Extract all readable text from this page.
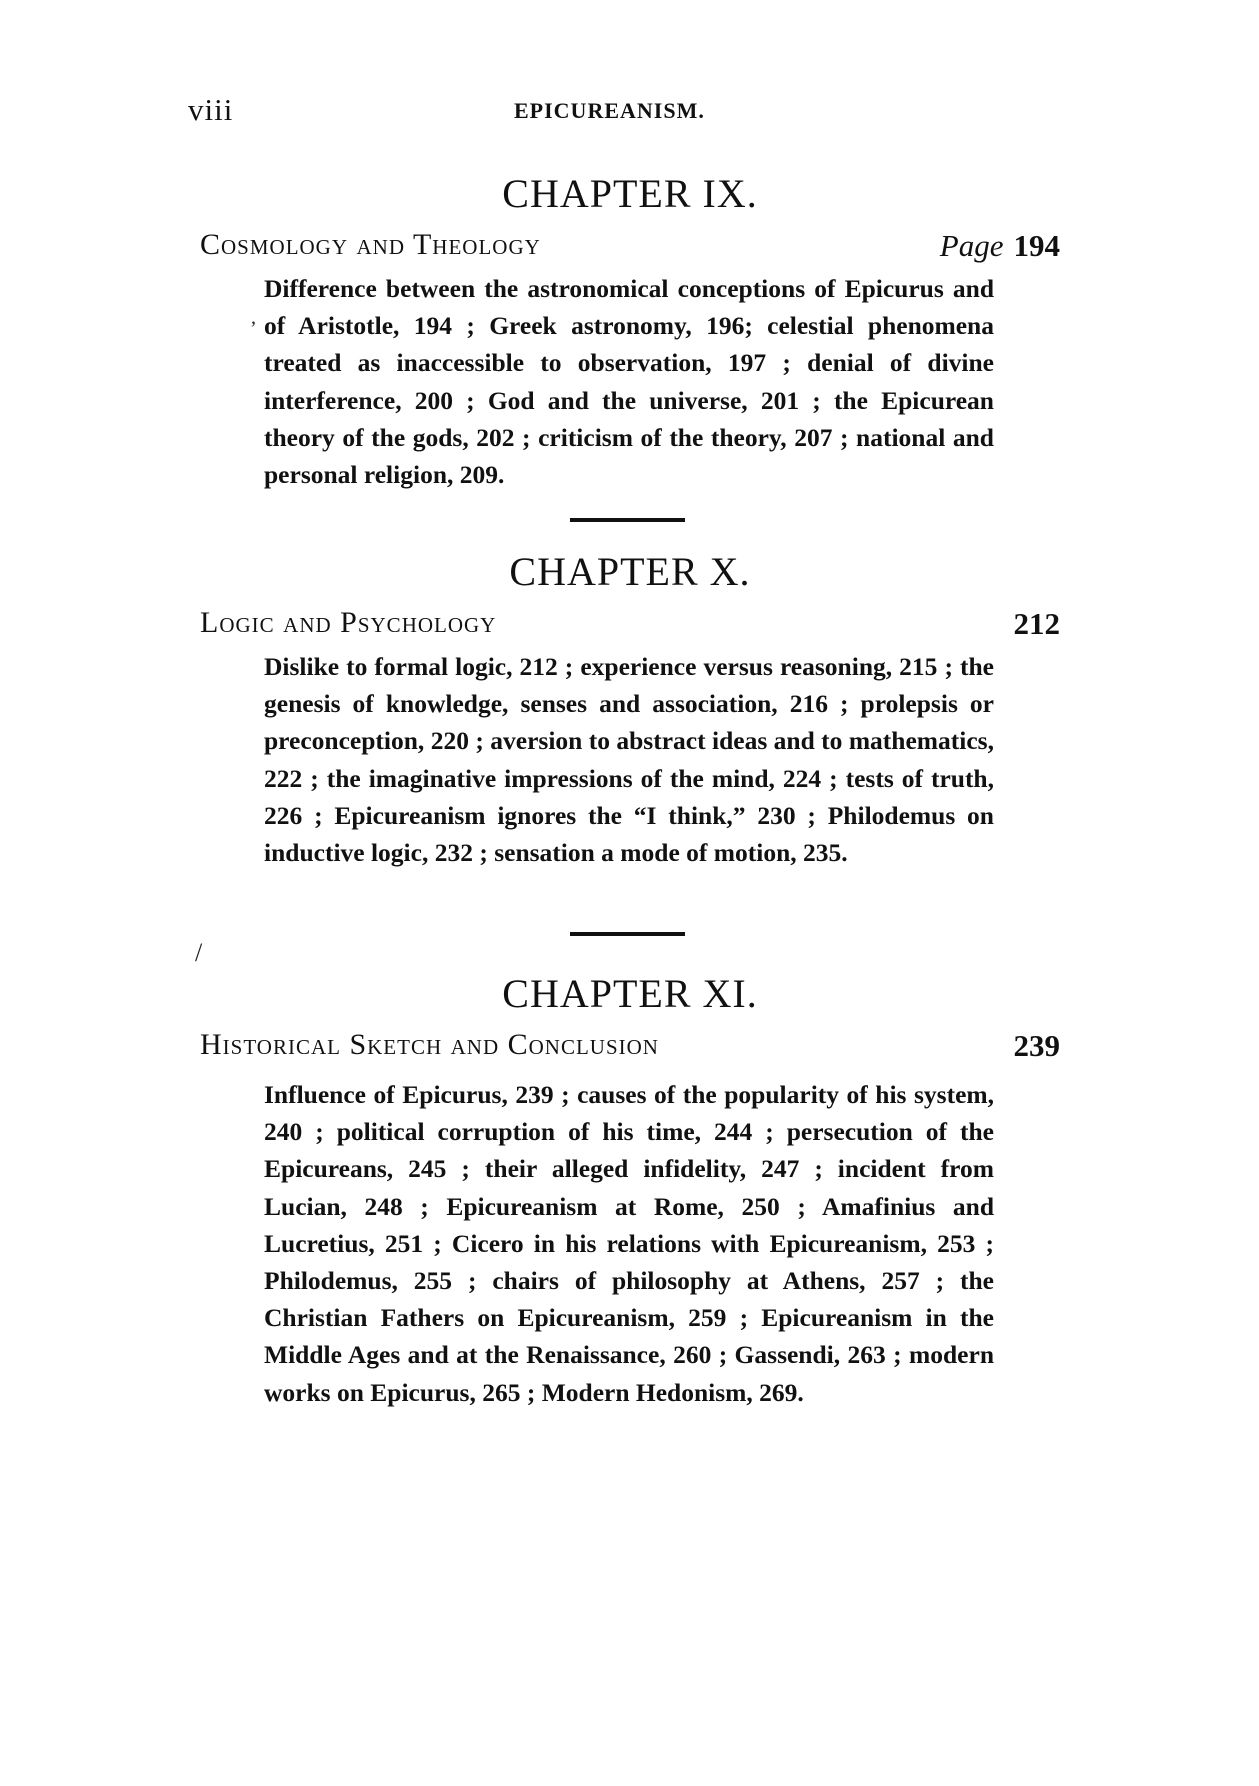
viii	EPICUREANISM.
CHAPTER IX.
Cosmology and Theology	Page 194
Difference between the astronomical conceptions of Epicurus and of Aristotle, 194 ; Greek astronomy, 196; celestial phenomena treated as inaccessible to observation, 197 ; denial of divine interference, 200 ; God and the universe, 201 ; the Epicurean theory of the gods, 202 ; criticism of the theory, 207 ; national and personal religion, 209.
CHAPTER X.
Logic and Psychology	212
Dislike to formal logic, 212 ; experience versus reasoning, 215 ; the genesis of knowledge, senses and association, 216 ; prolepsis or preconception, 220 ; aversion to abstract ideas and to mathematics, 222 ; the imaginative impressions of the mind, 224 ; tests of truth, 226 ; Epicureanism ignores the “I think,” 230 ; Philodemus on inductive logic, 232 ; sensation a mode of motion, 235.
/
ʼ
CHAPTER XI.
Historical Sketch and Conclusion	239
Influence of Epicurus, 239 ; causes of the popularity of his system, 240 ; political corruption of his time, 244 ; persecution of the Epicureans, 245 ; their alleged infidelity, 247 ; incident from Lucian, 248 ; Epicureanism at Rome, 250 ; Amafinius and Lucretius, 251 ; Cicero in his relations with Epicureanism, 253 ; Philodemus, 255 ; chairs of philosophy at Athens, 257 ; the Christian Fathers on Epicureanism, 259 ; Epicureanism in the Middle Ages and at the Renaissance, 260 ; Gassendi, 263 ; modern works on Epicurus, 265 ; Modern Hedonism, 269.
